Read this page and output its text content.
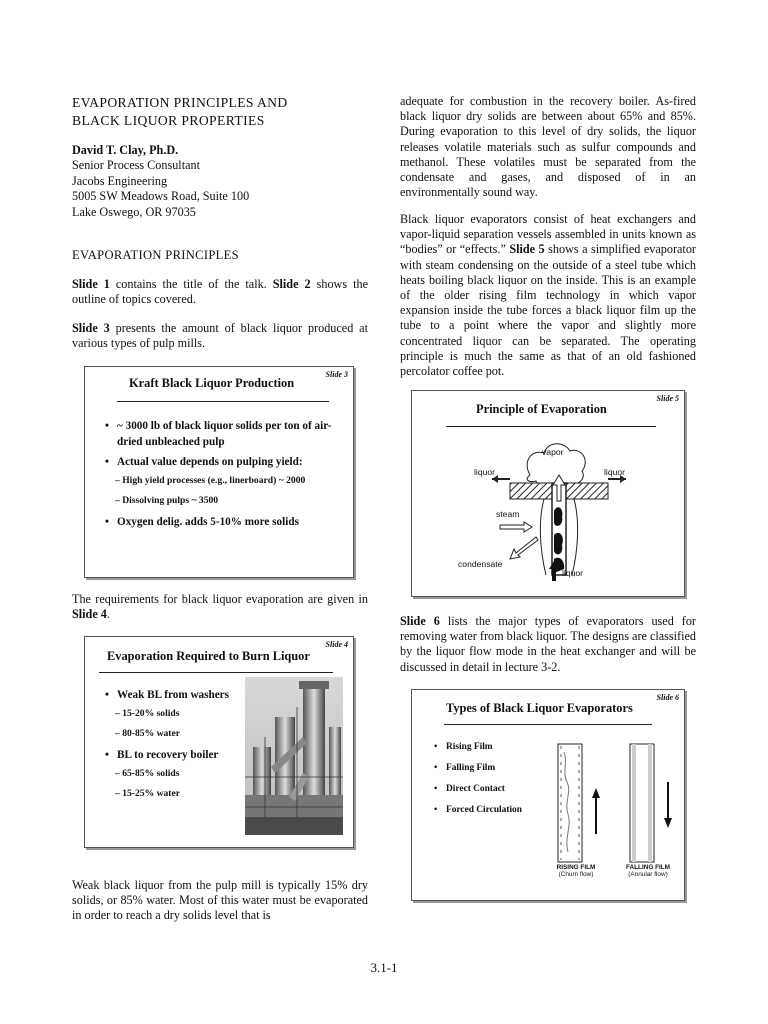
EVAPORATION PRINCIPLES AND
BLACK LIQUOR PROPERTIES
David T. Clay, Ph.D.
Senior Process Consultant
Jacobs Engineering
5005 SW Meadows Road, Suite 100
Lake Oswego, OR 97035
EVAPORATION PRINCIPLES

Slide 1 contains the title of the talk. Slide 2 shows the outline of topics covered.

Slide 3 presents the amount of black liquor produced at various types of pulp mills.

Slide 3
Kraft Black Liquor Production
• ~ 3000 lb of black liquor solids per ton of air-dried unbleached pulp
• Actual value depends on pulping yield:
– High yield processes (e.g., linerboard) ~ 2000
– Dissolving pulps ~ 3500
• Oxygen delig. adds 5-10% more solids

The requirements for black liquor evaporation are given in Slide 4.

Slide 4
Evaporation Required to Burn Liquor
• Weak BL from washers
– 15-20% solids
– 80-85% water
• BL to recovery boiler
– 65-85% solids
– 15-25% water

Weak black liquor from the pulp mill is typically 15% dry solids, or 85% water. Most of this water must be evaporated in order to reach a dry solids level that is

adequate for combustion in the recovery boiler. As-fired black liquor dry solids are between about 65% and 85%. During evaporation to this level of dry solids, the liquor releases volatile materials such as sulfur compounds and methanol. These volatiles must be separated from the condensate and gases, and disposed of in an environmentally sound way.

Black liquor evaporators consist of heat exchangers and vapor-liquid separation vessels assembled in units known as “bodies” or “effects.” Slide 5 shows a simplified evaporator with steam condensing on the outside of a steel tube which heats boiling black liquor on the inside. This is an example of the older rising film technology in which vapor expansion inside the tube forces a black liquor film up the tube to a point where the vapor and slightly more concentrated liquor can be separated. The operating principle is much the same as that of an old fashioned percolator coffee pot.

Slide 5
Principle of Evaporation
vapor
liquor	liquor
steam
condensate
liquor

Slide 6 lists the major types of evaporators used for removing water from black liquor. The designs are classified by the liquor flow mode in the heat exchanger and will be discussed in detail in lecture 3-2.

Slide 6
Types of Black Liquor Evaporators
• Rising Film
• Falling Film
• Direct Contact
• Forced Circulation
RISING FILM
(Churn flow)
FALLING FILM
(Annular flow)
3.1-1
